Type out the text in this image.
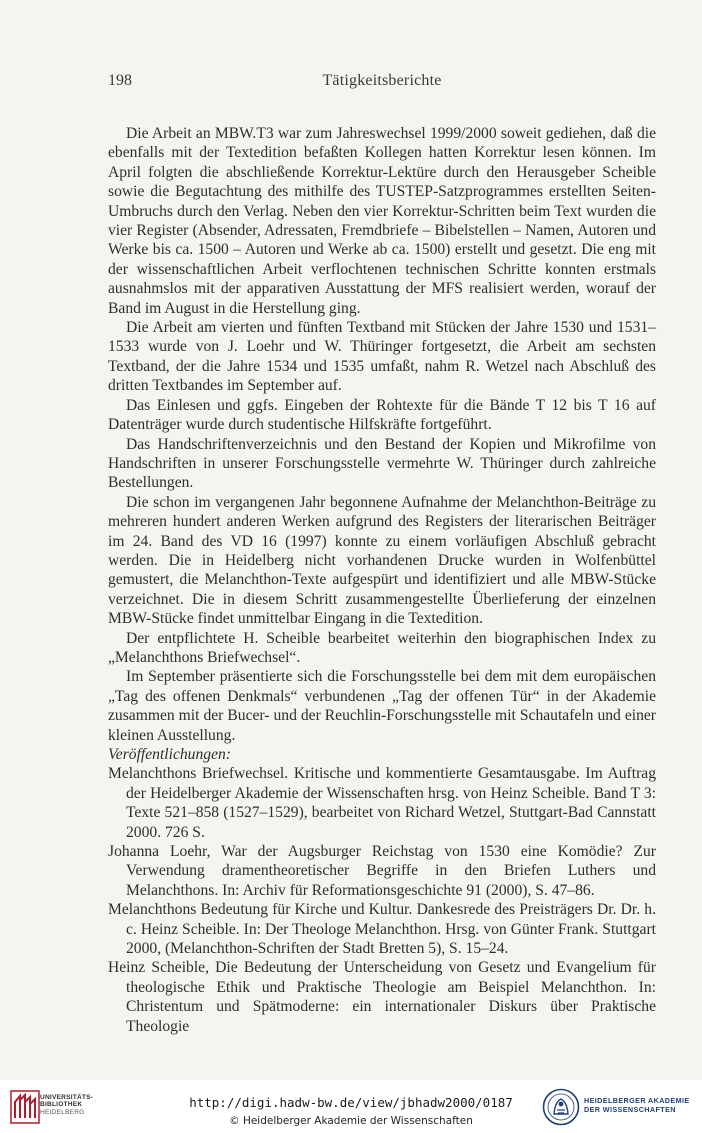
198	Tätigkeitsberichte

Die Arbeit an MBW.T3 war zum Jahreswechsel 1999/2000 soweit gediehen, daß die ebenfalls mit der Textedition befaßten Kollegen hatten Korrektur lesen können. Im April folgten die abschließende Korrektur-Lektüre durch den Herausgeber Scheible sowie die Begutachtung des mithilfe des TUSTEP-Satzprogrammes erstellten Seiten-Umbruchs durch den Verlag. Neben den vier Korrektur-Schritten beim Text wurden die vier Register (Absender, Adressaten, Fremdbriefe – Bibelstellen – Namen, Autoren und Werke bis ca. 1500 – Autoren und Werke ab ca. 1500) erstellt und gesetzt. Die eng mit der wissenschaftlichen Arbeit verflochtenen technischen Schritte konnten erstmals ausnahmslos mit der apparativen Ausstattung der MFS realisiert werden, worauf der Band im August in die Herstellung ging.

Die Arbeit am vierten und fünften Textband mit Stücken der Jahre 1530 und 1531–1533 wurde von J. Loehr und W. Thüringer fortgesetzt, die Arbeit am sechsten Textband, der die Jahre 1534 und 1535 umfaßt, nahm R. Wetzel nach Abschluß des dritten Textbandes im September auf.

Das Einlesen und ggfs. Eingeben der Rohtexte für die Bände T 12 bis T 16 auf Datenträger wurde durch studentische Hilfskräfte fortgeführt.

Das Handschriftenverzeichnis und den Bestand der Kopien und Mikrofilme von Handschriften in unserer Forschungsstelle vermehrte W. Thüringer durch zahlreiche Bestellungen.

Die schon im vergangenen Jahr begonnene Aufnahme der Melanchthon-Beiträge zu mehreren hundert anderen Werken aufgrund des Registers der literarischen Beiträger im 24. Band des VD 16 (1997) konnte zu einem vorläufigen Abschluß gebracht werden. Die in Heidelberg nicht vorhandenen Drucke wurden in Wolfenbüttel gemustert, die Melanchthon-Texte aufgespürt und identifiziert und alle MBW-Stücke verzeichnet. Die in diesem Schritt zusammengestellte Überlieferung der einzelnen MBW-Stücke findet unmittelbar Eingang in die Textedition.

Der entpflichtete H. Scheible bearbeitet weiterhin den biographischen Index zu „Melanchthons Briefwechsel“.

Im September präsentierte sich die Forschungsstelle bei dem mit dem europäischen „Tag des offenen Denkmals“ verbundenen „Tag der offenen Tür“ in der Akademie zusammen mit der Bucer- und der Reuchlin-Forschungsstelle mit Schautafeln und einer kleinen Ausstellung.

Veröffentlichungen:

Melanchthons Briefwechsel. Kritische und kommentierte Gesamtausgabe. Im Auftrag der Heidelberger Akademie der Wissenschaften hrsg. von Heinz Scheible. Band T 3: Texte 521–858 (1527–1529), bearbeitet von Richard Wetzel, Stuttgart-Bad Cannstatt 2000. 726 S.

Johanna Loehr, War der Augsburger Reichstag von 1530 eine Komödie? Zur Verwendung dramentheoretischer Begriffe in den Briefen Luthers und Melanchthons. In: Archiv für Reformationsgeschichte 91 (2000), S. 47–86.

Melanchthons Bedeutung für Kirche und Kultur. Dankesrede des Preisträgers Dr. Dr. h. c. Heinz Scheible. In: Der Theologe Melanchthon. Hrsg. von Günter Frank. Stuttgart 2000, (Melanchthon-Schriften der Stadt Bretten 5), S. 15–24.

Heinz Scheible, Die Bedeutung der Unterscheidung von Gesetz und Evangelium für theologische Ethik und Praktische Theologie am Beispiel Melanchthon. In: Christentum und Spätmoderne: ein internationaler Diskurs über Praktische Theologie

UNIVERSITÄTS-
BIBLIOTHEK
HEIDELBERG
http://digi.hadw-bw.de/view/jbhadw2000/0187
© Heidelberger Akademie der Wissenschaften
HEIDELBERGER AKADEMIE
DER WISSENSCHAFTEN
